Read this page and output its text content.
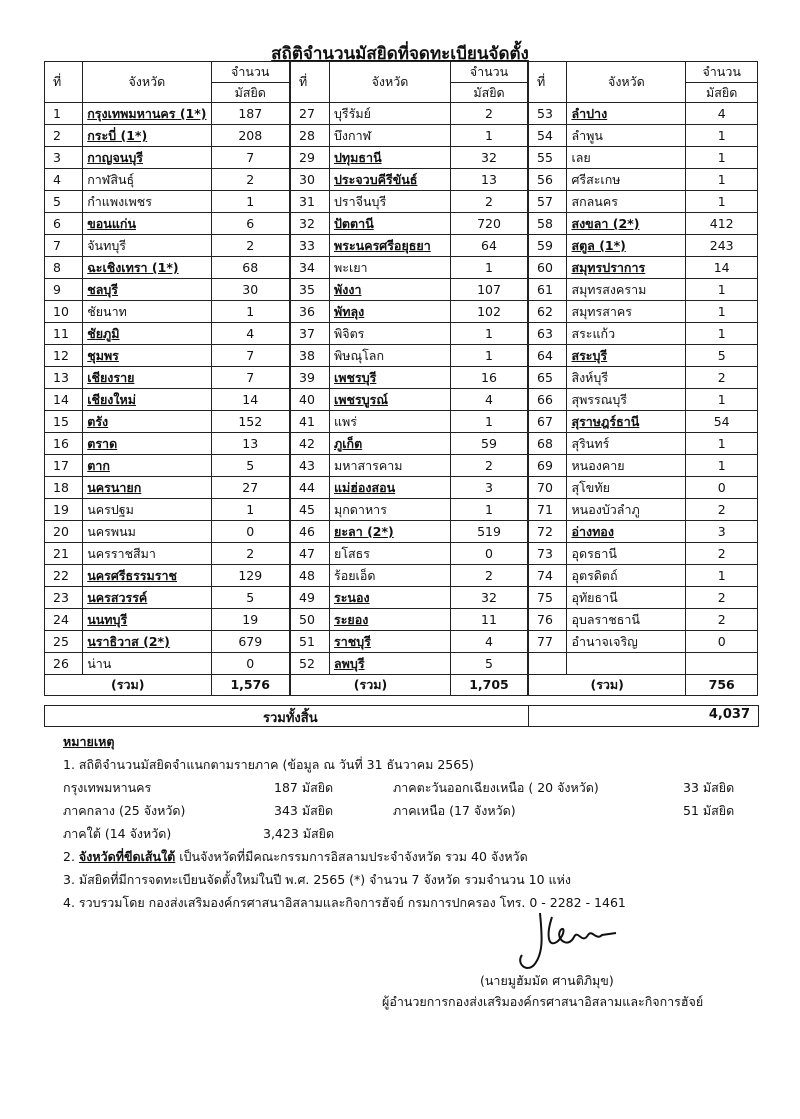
สถิติจำนวนมัสยิดที่จดทะเบียนจัดตั้ง
ที่	จังหวัด	จำนวน
		มัสยิด
1	กรุงเทพมหานคร (1*)	187
2	กระบี่ (1*)	208
3	กาญจนบุรี	7
4	กาฬสินธุ์	2
5	กำแพงเพชร	1
6	ขอนแก่น	6
7	จันทบุรี	2
8	ฉะเชิงเทรา (1*)	68
9	ชลบุรี	30
10	ชัยนาท	1
11	ชัยภูมิ	4
12	ชุมพร	7
13	เชียงราย	7
14	เชียงใหม่	14
15	ตรัง	152
16	ตราด	13
17	ตาก	5
18	นครนายก	27
19	นครปฐม	1
20	นครพนม	0
21	นครราชสีมา	2
22	นครศรีธรรมราช	129
23	นครสวรรค์	5
24	นนทบุรี	19
25	นราธิวาส (2*)	679
26	น่าน	0
(รวม)		1,576
ที่	จังหวัด	จำนวน
		มัสยิด
27	บุรีรัมย์	2
28	บึงกาฬ	1
29	ปทุมธานี	32
30	ประจวบคีรีขันธ์	13
31	ปราจีนบุรี	2
32	ปัตตานี	720
33	พระนครศรีอยุธยา	64
34	พะเยา	1
35	พังงา	107
36	พัทลุง	102
37	พิจิตร	1
38	พิษณุโลก	1
39	เพชรบุรี	16
40	เพชรบูรณ์	4
41	แพร่	1
42	ภูเก็ต	59
43	มหาสารคาม	2
44	แม่ฮ่องสอน	3
45	มุกดาหาร	1
46	ยะลา (2*)	519
47	ยโสธร	0
48	ร้อยเอ็ด	2
49	ระนอง	32
50	ระยอง	11
51	ราชบุรี	4
52	ลพบุรี	5
(รวม)		1,705
ที่	จังหวัด	จำนวน
		มัสยิด
53	ลำปาง	4
54	ลำพูน	1
55	เลย	1
56	ศรีสะเกษ	1
57	สกลนคร	1
58	สงขลา (2*)	412
59	สตูล (1*)	243
60	สมุทรปราการ	14
61	สมุทรสงคราม	1
62	สมุทรสาคร	1
63	สระแก้ว	1
64	สระบุรี	5
65	สิงห์บุรี	2
66	สุพรรณบุรี	1
67	สุราษฎร์ธานี	54
68	สุรินทร์	1
69	หนองคาย	1
70	สุโขทัย	0
71	หนองบัวลำภู	2
72	อ่างทอง	3
73	อุดรธานี	2
74	อุตรดิตถ์	1
75	อุทัยธานี	2
76	อุบลราชธานี	2
77	อำนาจเจริญ	0

(รวม)		756
รวมทั้งสิ้น	4,037
หมายเหตุ
1. สถิติจำนวนมัสยิดจำแนกตามรายภาค (ข้อมูล ณ วันที่ 31 ธันวาคม 2565)
กรุงเทพมหานคร	187 มัสยิด	ภาคตะวันออกเฉียงเหนือ ( 20 จังหวัด)	33 มัสยิด
ภาคกลาง (25 จังหวัด)	343 มัสยิด	ภาคเหนือ (17 จังหวัด)	51 มัสยิด
ภาคใต้ (14 จังหวัด)	3,423 มัสยิด
2. จังหวัดที่ขีดเส้นใต้ เป็นจังหวัดที่มีคณะกรรมการอิสลามประจำจังหวัด รวม 40 จังหวัด
3. มัสยิดที่มีการจดทะเบียนจัดตั้งใหม่ในปี พ.ศ. 2565 (*) จำนวน 7 จังหวัด รวมจำนวน 10 แห่ง
4. รวบรวมโดย กองส่งเสริมองค์กรศาสนาอิสลามและกิจการฮัจย์ กรมการปกครอง โทร. 0 - 2282 - 1461
(นายมูฮัมมัด ศานติภิมุข)
ผู้อำนวยการกองส่งเสริมองค์กรศาสนาอิสลามและกิจการฮัจย์
